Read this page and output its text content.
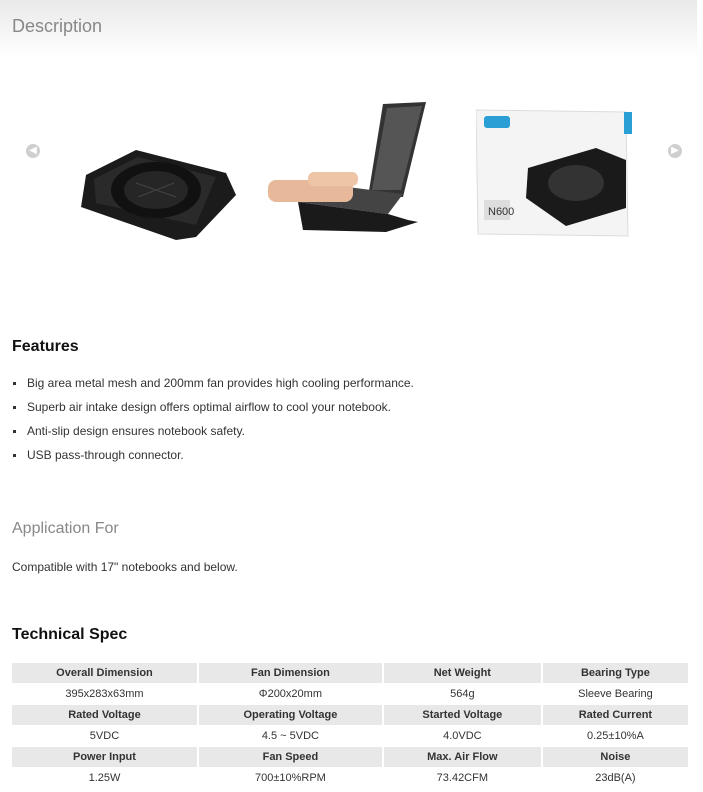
Description
◀
N600
▶
Features
Big area metal mesh and 200mm fan provides high cooling performance.
Superb air intake design offers optimal airflow to cool your notebook.
Anti-slip design ensures notebook safety.
USB pass-through connector.
Application For
Compatible with 17" notebooks and below.
Technical Spec
Overall Dimension	Fan Dimension	Net Weight	Bearing Type
395x283x63mm	Φ200x20mm	564g	Sleeve Bearing
Rated Voltage	Operating Voltage	Started Voltage	Rated Current
5VDC	4.5 ~ 5VDC	4.0VDC	0.25±10%A
Power Input	Fan Speed	Max. Air Flow	Noise
1.25W	700±10%RPM	73.42CFM	23dB(A)
